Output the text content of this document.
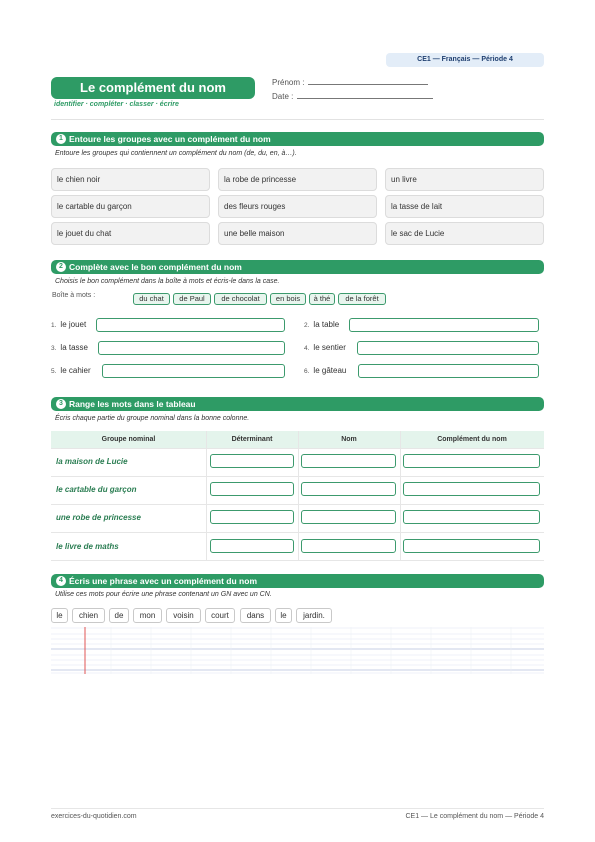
CE1 — Français — Période 4
Le complément du nom
identifier · compléter · classer · écrire
Prénom :
Date :
1 Entoure les groupes avec un complément du nom
Entoure les groupes qui contiennent un complément du nom (de, du, en, à…).
le chien noir	la robe de princesse	un livre
le cartable du garçon	des fleurs rouges	la tasse de lait
le jouet du chat	une belle maison	le sac de Lucie
2 Complète avec le bon complément du nom
Choisis le bon complément dans la boîte à mots et écris-le dans la case.
Boîte à mots :	du chat	de Paul	de chocolat	en bois	à thé	de la forêt
1. le jouet	2. la table
3. la tasse	4. le sentier
5. le cahier	6. le gâteau
3 Range les mots dans le tableau
Écris chaque partie du groupe nominal dans la bonne colonne.
Groupe nominal	Déterminant	Nom	Complément du nom
la maison de Lucie
le cartable du garçon
une robe de princesse
le livre de maths
4 Écris une phrase avec un complément du nom
Utilise ces mots pour écrire une phrase contenant un GN avec un CN.
le	chien	de	mon	voisin	court	dans	le	jardin.
exercices-du-quotidien.com	CE1 — Le complément du nom — Période 4
